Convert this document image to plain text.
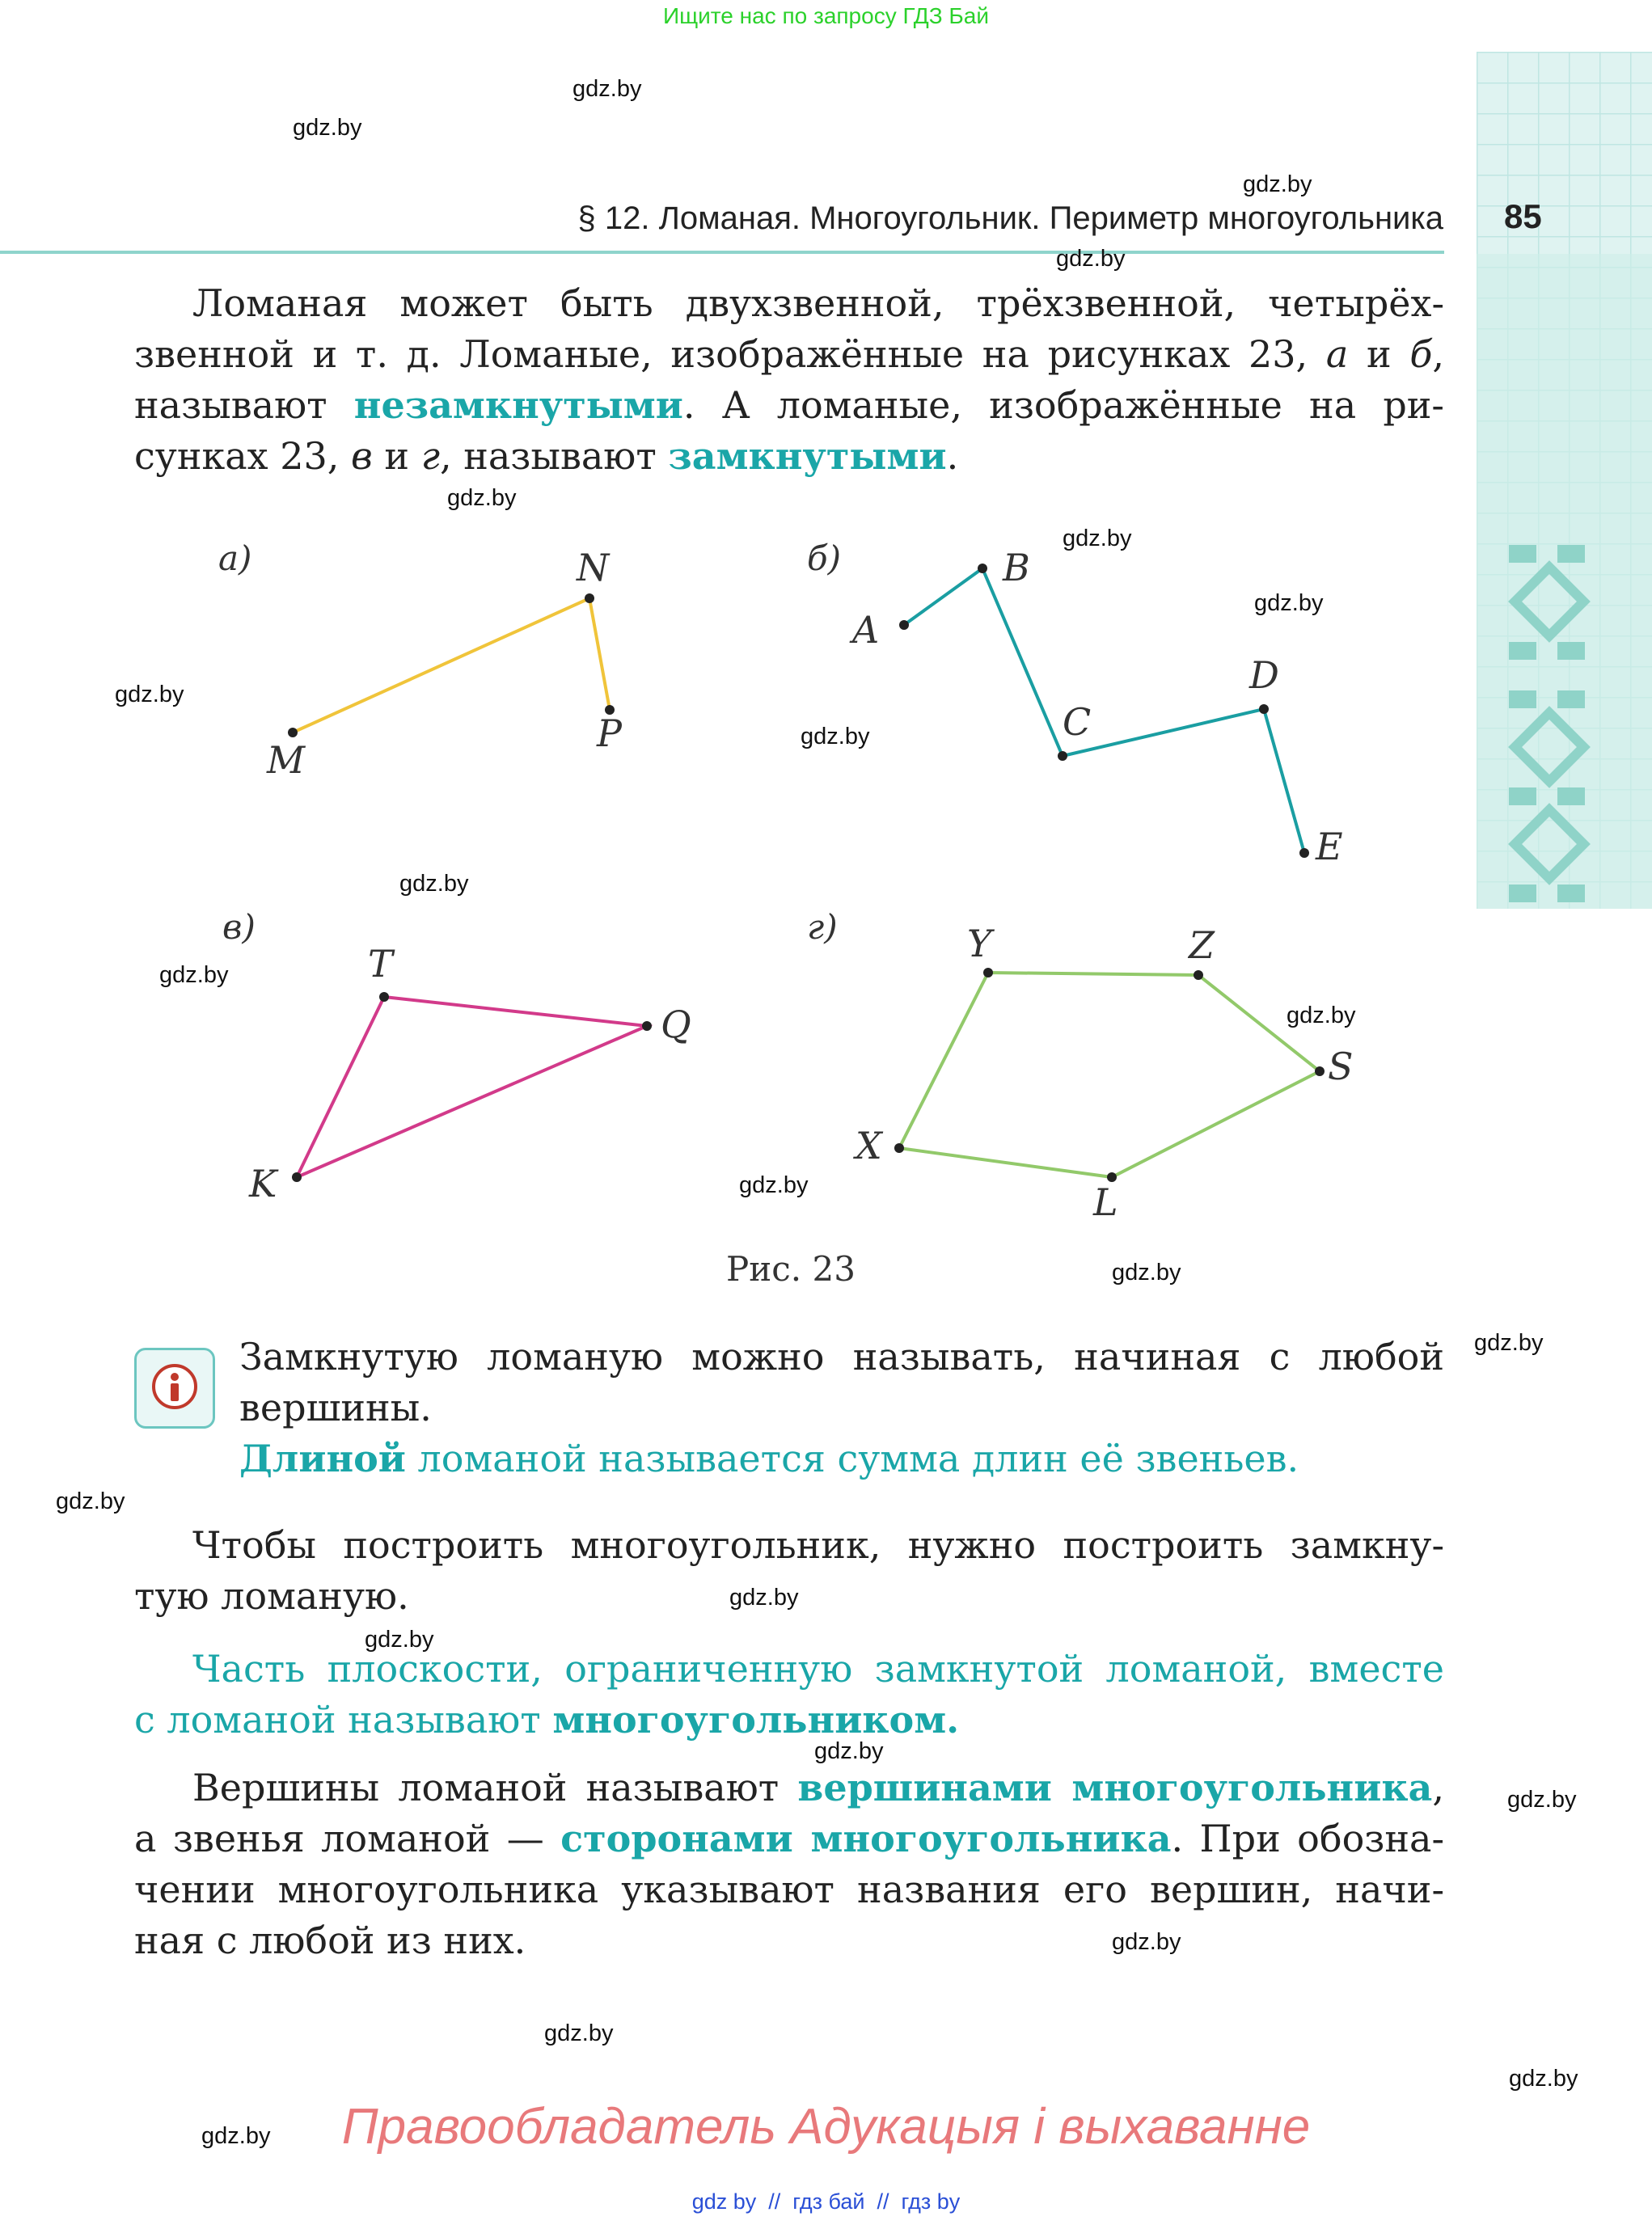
Ищите нас по запросу ГДЗ Бай
§ 12. Ломаная. Многоугольник. Периметр многоугольника 85
Ломаная может быть двухзвенной, трёхзвенной, четырёх-
звенной и т. д. Ломаные, изображённые на рисунках 23, а и б,
называют незамкнутыми. А ломаные, изображённые на ри-
сунках 23, в и г, называют замкнутыми.
а)	б)
в)	г)
N
P
M
A
B
C
D
E
T
Q
K
Y	Z
S
X
L
Рис. 23
Замкнутую ломаную можно называть, начиная с любой
вершины.
Длиной ломаной называется сумма длин её звеньев.
Чтобы построить многоугольник, нужно построить замкну-
тую ломаную.
Часть плоскости, ограниченную замкнутой ломаной, вместе
с ломаной называют многоугольником.
Вершины ломаной называют вершинами многоугольника,
а звенья ломаной — сторонами многоугольника. При обозна-
чении многоугольника указывают названия его вершин, начи-
ная с любой из них.
gdz.by
gdz.by
gdz.by
gdz.by
gdz.by
gdz.by
gdz.by
gdz.by
gdz.by
gdz.by
gdz.by
gdz.by
gdz.by
gdz.by
gdz.by
gdz.by
gdz.by
gdz.by
gdz.by
gdz.by
gdz.by
gdz.by
gdz.by
gdz.by	Правообладатель Адукацыя і выхаванне
gdz by  //  гдз бай  //  гдз by
